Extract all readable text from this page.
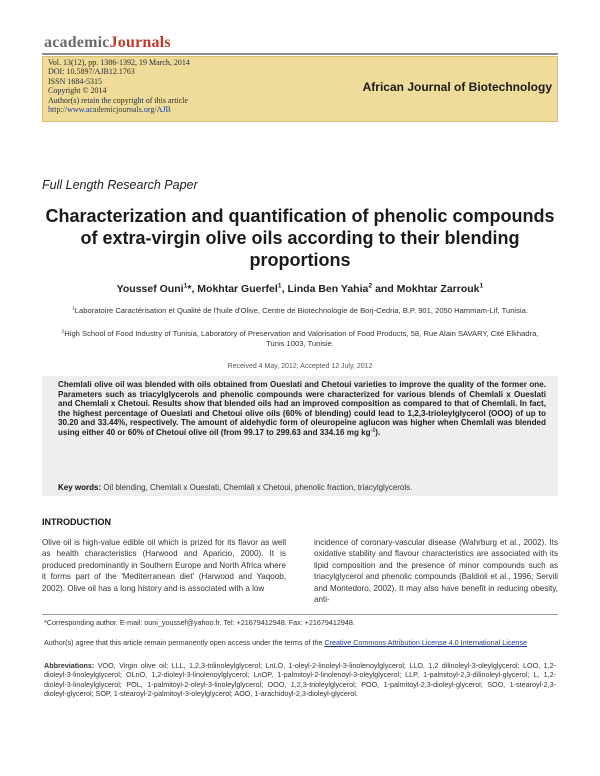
academicJournals
Vol. 13(12), pp. 1386-1392, 19 March, 2014
DOI: 10.5897/AJB12.1763
ISSN 1684-5315
Copyright © 2014
Author(s) retain the copyright of this article
http://www.academicjournals.org/AJB
African Journal of Biotechnology
Full Length Research Paper
Characterization and quantification of phenolic compounds of extra-virgin olive oils according to their blending proportions
Youssef Ouni$^1$*, Mokhtar Guerfel$^1$, Linda Ben Yahia$^2$ and Mokhtar Zarrouk$^1$
$^1$Laboratoire Caractérisation et Qualité de l'huile d'Olive, Centre de Biotechnologie de Borj-Cedria, B.P. 901, 2050 Hammam-Lif, Tunisia.
$^2$High School of Food Industry of Tunisia, Laboratory of Preservation and Valorisation of Food Products, 58, Rue Alain SAVARY, Cité Elkhadra, Tunis 1003, Tunisie.
Received 4 May, 2012; Accepted 12 July, 2012
Chemlali olive oil was blended with oils obtained from Oueslati and Chetoui varieties to improve the quality of the former one. Parameters such as triacylglycerols and phenolic compounds were characterized for various blends of Chemlali x Oueslati and Chemlali x Chetoui. Results show that blended oils had an improved composition as compared to that of Chemlali. In fact, the highest percentage of Oueslati and Chetoui olive oils (60% of blending) could lead to 1,2,3-trioleylglycerol (OOO) of up to 30.20 and 33.44%, respectively. The amount of aldehydic form of oleuropeine aglucon was higher when Chemlali was blended using either 40 or 60% of Chetoui olive oil (from 99.17 to 299.63 and 334.16 mg $kg^{-1}$).
Key words: Oil blending, Chemlali x Oueslati, Chemlali x Chetoui, phenolic fraction, triacylglycerols.
INTRODUCTION
Olive oil is high-value edible oil which is prized for its flavor as well as health characteristics (Harwood and Aparicio, 2000). It is produced predominantly in Southern Europe and North Africa where it forms part of the 'Mediterranean diet' (Harwood and Yaqoob, 2002). Olive oil has a long history and is associated with a low
incidence of coronary-vascular disease (Wahrburg et al., 2002). Its oxidative stability and flavour characteristics are associated with its lipid composition and the presence of minor compounds such as triacylglycerol and phenolic compounds (Baldioli et al., 1996; Servili and Montedoro, 2002). It may also have benefit in reducing obesity, anti-
*Corresponding author. E-mail: ouni_youssef@yahoo.fr. Tel: +21679412948. Fax: +21679412948.
Author(s) agree that this article remain permanently open access under the terms of the Creative Commons Attribution License 4.0 International License
Abbreviations: VOO, Virgin olive oil; LLL, 1,2,3-trilinoleylglycerol; LnLO, 1-oleyl-2-linoleyl-3-linolenoylglycerol; LLO, 1,2 dilinoleyl-3-oleylglycerol; LOO, 1,2-dioleyl-3-linoleylglycerol; OLnO, 1,2-dioleyl-3-linolenoylglycerol; LnOP, 1-palmitoyl-2-linolenoyl-3-oleylglycerol; LLP, 1-palmitoyl-2,3-dilinoleyl-glycerol; L, 1,2-dioleyl-3-linoleylglycerol; POL, 1-palmitoyl-2-oleyl-3-linoleylglycerol; OOO, 1,2,3-trioleylglycerol; POO, 1-palmitoyl-2,3-dioleyl-glycerol; SOO, 1-stearoyl-2,3-dioleyl-glycerol; SOP, 1-stearoyl-2-palmitoyl-3-oleylglycerol; AOO, 1-arachidoyl-2,3-dioleyl-glycerol.
